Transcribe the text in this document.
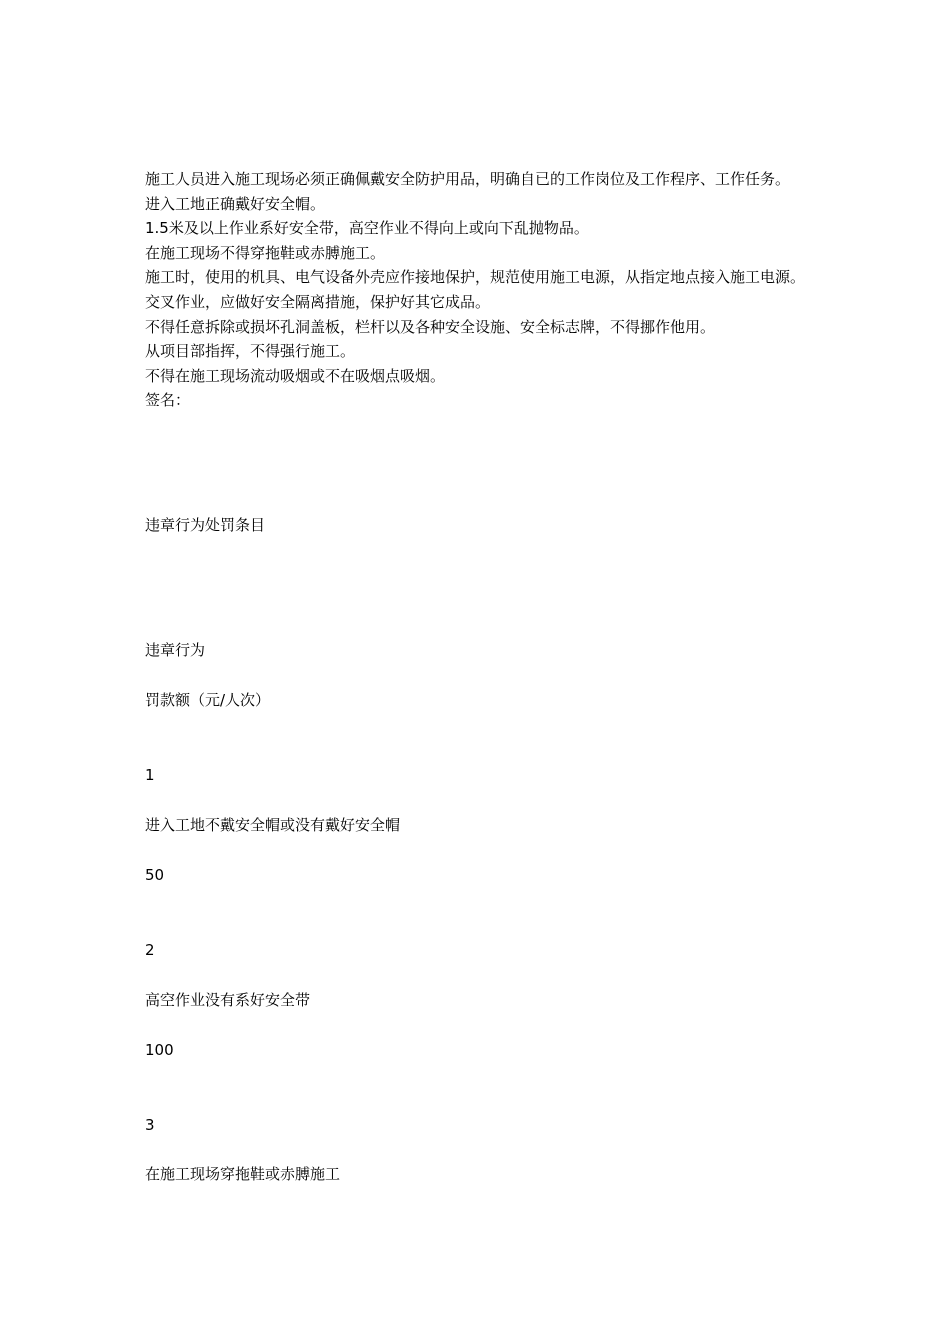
施工人员进入施工现场必须正确佩戴安全防护用品，明确自已的工作岗位及工作程序、工作任务。

进入工地正确戴好安全帽。

1.5米及以上作业系好安全带，高空作业不得向上或向下乱抛物品。

在施工现场不得穿拖鞋或赤膊施工。

施工时，使用的机具、电气设备外壳应作接地保护，规范使用施工电源，从指定地点接入施工电源。

交叉作业，应做好安全隔离措施，保护好其它成品。

不得任意拆除或损坏孔洞盖板，栏杆以及各种安全设施、安全标志牌，不得挪作他用。

从项目部指挥，不得强行施工。

不得在施工现场流动吸烟或不在吸烟点吸烟。

签名：

违章行为处罚条目
违章行为
罚款额（元/人次）
1
进入工地不戴安全帽或没有戴好安全帽
50
2
高空作业没有系好安全带
100
3
在施工现场穿拖鞋或赤膊施工
